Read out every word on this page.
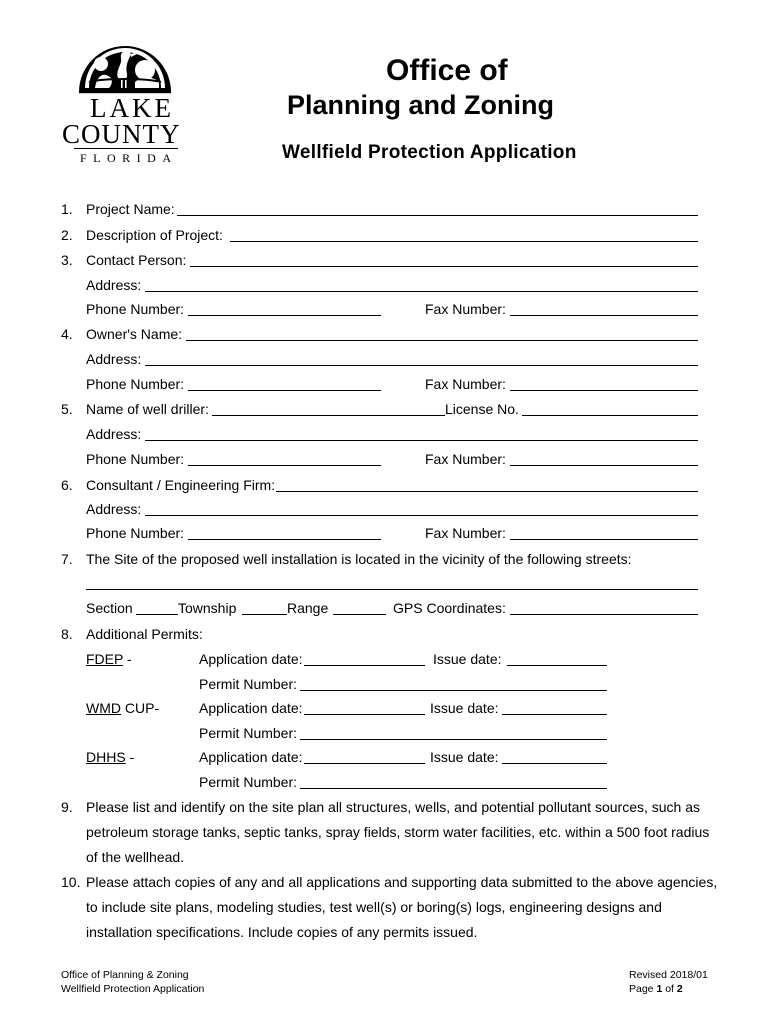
LAKE
COUNTY
FLORIDA
Office of
Planning and Zoning
Wellfield Protection Application
1. Project Name:
2. Description of Project:
3. Contact Person:
Address:
Phone Number:	Fax Number:
4. Owner's Name:
Address:
Phone Number:	Fax Number:
5. Name of well driller:	License No.
Address:
Phone Number:	Fax Number:
6. Consultant / Engineering Firm:
Address:
Phone Number:	Fax Number:
7. The Site of the proposed well installation is located in the vicinity of the following streets:
Section	Township	Range	GPS Coordinates:
8. Additional Permits:
FDEP -	Application date:	Issue date:
Permit Number:
WMD CUP-	Application date:	Issue date:
Permit Number:
DHHS -	Application date:	Issue date:
Permit Number:
9. Please list and identify on the site plan all structures, wells, and potential pollutant sources, such as
petroleum storage tanks, septic tanks, spray fields, storm water facilities, etc. within a 500 foot radius
of the wellhead.
10. Please attach copies of any and all applications and supporting data submitted to the above agencies,
to include site plans, modeling studies, test well(s) or boring(s) logs, engineering designs and
installation specifications. Include copies of any permits issued.
Office of Planning & Zoning
Wellfield Protection Application
Revised 2018/01
Page 1 of 2
